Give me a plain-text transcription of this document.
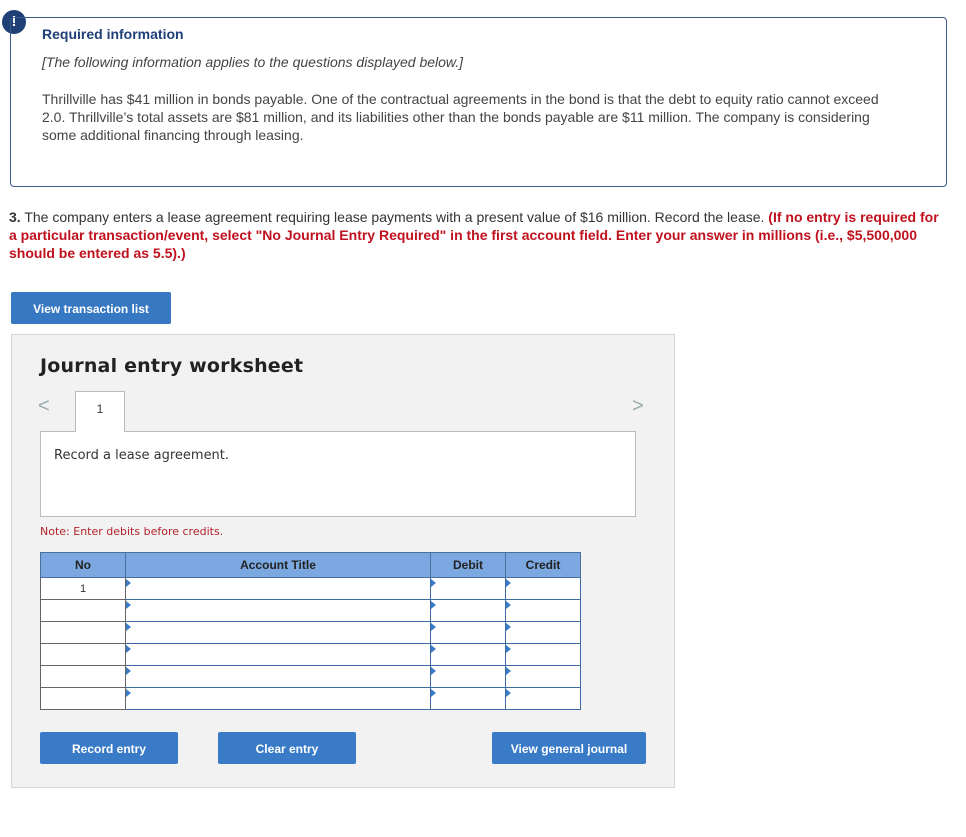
!
Required information
[The following information applies to the questions displayed below.]
Thrillville has $41 million in bonds payable. One of the contractual agreements in the bond is that the debt to equity ratio cannot exceed 2.0. Thrillville’s total assets are $81 million, and its liabilities other than the bonds payable are $11 million. The company is considering some additional financing through leasing.
3. The company enters a lease agreement requiring lease payments with a present value of $16 million. Record the lease. (If no entry is required for a particular transaction/event, select "No Journal Entry Required" in the first account field. Enter your answer in millions (i.e., $5,500,000 should be entered as 5.5).)
View transaction list
Journal entry worksheet
<	>
1
Record a lease agreement.
Note: Enter debits before credits.
No	Account Title	Debit	Credit
1	

Record entry	Clear entry	View general journal
